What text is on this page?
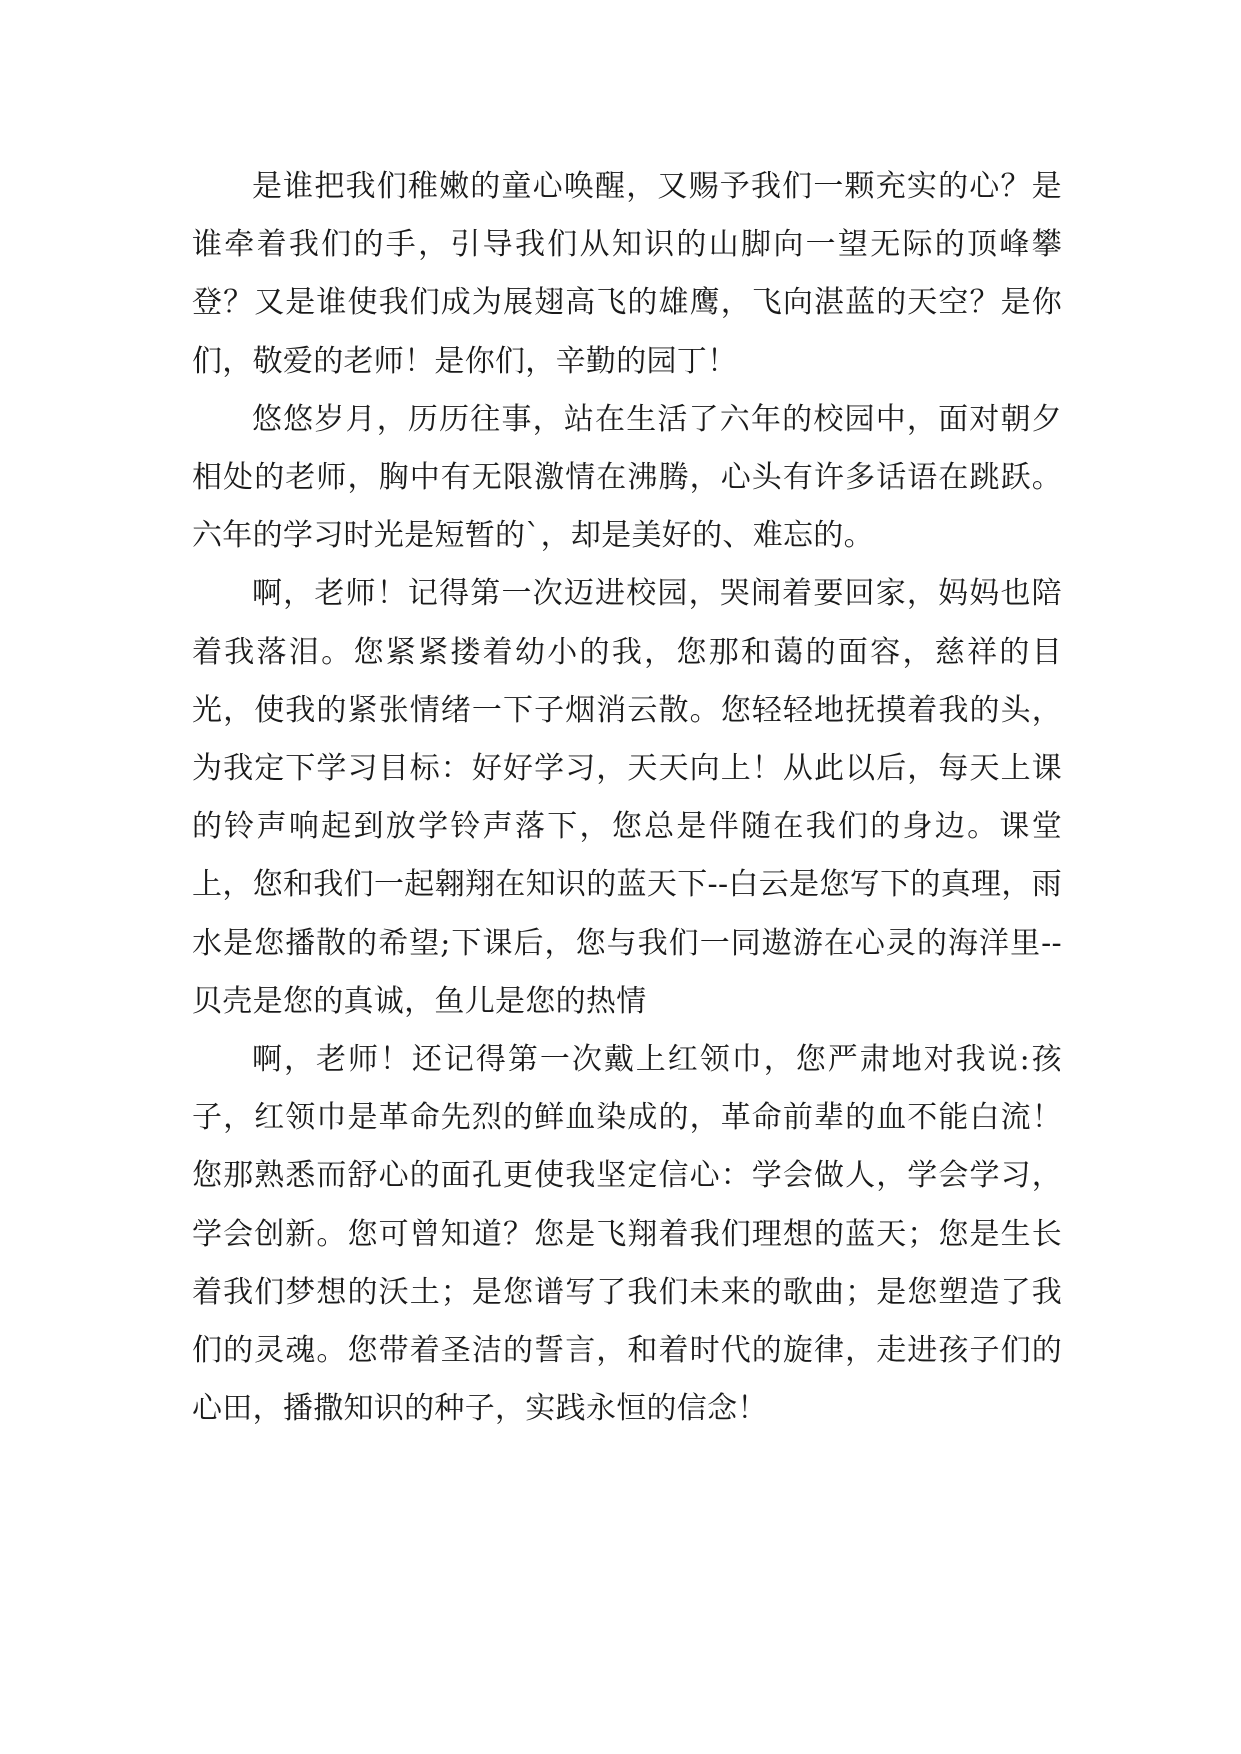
是谁把我们稚嫩的童心唤醒，又赐予我们一颗充实的心？是谁牵着我们的手，引导我们从知识的山脚向一望无际的顶峰攀登？又是谁使我们成为展翅高飞的雄鹰，飞向湛蓝的天空？是你们，敬爱的老师！是你们，辛勤的园丁！

悠悠岁月，历历往事，站在生活了六年的校园中，面对朝夕相处的老师，胸中有无限激情在沸腾，心头有许多话语在跳跃。六年的学习时光是短暂的`，却是美好的、难忘的。

啊，老师！记得第一次迈进校园，哭闹着要回家，妈妈也陪着我落泪。您紧紧搂着幼小的我，您那和蔼的面容，慈祥的目光，使我的紧张情绪一下子烟消云散。您轻轻地抚摸着我的头，为我定下学习目标：好好学习，天天向上！从此以后，每天上课的铃声响起到放学铃声落下，您总是伴随在我们的身边。课堂上，您和我们一起翱翔在知识的蓝天下--白云是您写下的真理，雨水是您播散的希望;下课后，您与我们一同遨游在心灵的海洋里--贝壳是您的真诚，鱼儿是您的热情

啊，老师！还记得第一次戴上红领巾，您严肃地对我说:孩子，红领巾是革命先烈的鲜血染成的，革命前辈的血不能白流！您那熟悉而舒心的面孔更使我坚定信心：学会做人，学会学习，学会创新。您可曾知道？您是飞翔着我们理想的蓝天；您是生长着我们梦想的沃土；是您谱写了我们未来的歌曲；是您塑造了我们的灵魂。您带着圣洁的誓言，和着时代的旋律，走进孩子们的心田，播撒知识的种子，实践永恒的信念！
